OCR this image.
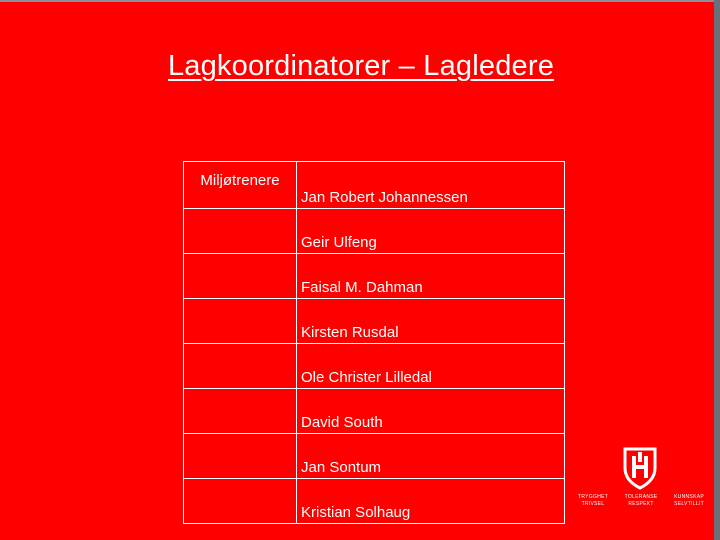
Lagkoordinatorer – Lagledere
Miljøtrenere	Jan Robert Johannessen
	Geir Ulfeng
	Faisal M. Dahman
	Kirsten Rusdal
	Ole Christer Lilledal
	David South
	Jan Sontum
	Kristian Solhaug
TRYGGHET
TRIVSEL
TOLERANSE
RESPEKT
KUNNSKAP
SELVTILLIT
